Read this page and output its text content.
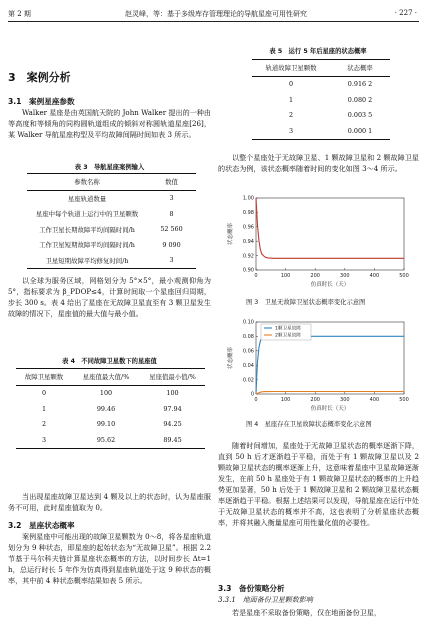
第 2 期	赵灵峰，等：基于多级库存管理理论的导航星座可用性研究	· 227 ·
3　案例分析
3.1　案例星座参数
Walker 星座是由英国航天院的 John Walker 提出的一种由等高度和等倾角的同构圆轨道组成的倾斜对称圆轨道星座[26]，某 Walker 导航星座构型及平均故障间隔时间如表 3 所示。
表 3　导航星座案例输入
参数名称	数值
星座轨道数量	3
星座中每个轨道上运行中的卫星颗数	8
工作卫星长期故障平均间隔时间/h	52 560
工作卫星短期故障平均间隔时间/h	9 090
卫星短期故障平均修复时间/h	3
以全球为服务区域，网格划分为 5°×5°，最小观测仰角为 5°，指标要求为 β_PDOP≤4，计算时间取一个星座回归周期，步长 300 s。表 4 给出了星座在无故障卫星直至有 3 颗卫星发生故障的情况下，星座值的最大值与最小值。
表 4　不同故障卫星数下的星座值
故障卫星颗数	星座值最大值/%	星座值最小值/%
0	100	100
1	99.46	97.94
2	99.10	94.25
3	95.62	89.45
当出现星座故障卫星达到 4 颗及以上的状态时，认为星座服务不可用，此时星座值取为 0。
3.2　星座状态概率
案例星座中可能出现的故障卫星颗数为 0～8，将各星座轨道划分为 9 种状态，即星座的起始状态为“无故障卫星”。根据 2.2 节基于马尔科夫链计算星座状态概率的方法，以时间步长 Δt=1 h，总运行时长 5 年作为仿真得到星座轨道处于这 9 种状态的概率，其中前 4 种状态概率结果如表 5 所示。
表 5　运行 5 年后星座的状态概率
轨道故障卫星颗数	状态概率
0	0.916 2
1	0.080 2
2	0.003 5
3	0.000 1
以整个星座处于无故障卫星、1 颗故障卫星和 2 颗故障卫星的状态为例，该状态概率随着时间的变化如图 3～4 所示。
0	100	200	300	400	500
0.90
0.92
0.94
0.96
0.98
1.00
仿真时长（天）
状态概率
图 3　卫星无故障卫星状态概率变化示意图
0	100	200	300	400	500
0
0.02
0.04
0.06
0.08
0.10
仿真时长（天）
状态概率
1颗卫星故障
2颗卫星故障
图 4　星座存在卫星故障状态概率变化示意图
随着时间增加，星座处于无故障卫星状态的概率逐渐下降，直到 50 h 后才逐渐趋于平稳，而处于有 1 颗故障卫星以及 2 颗故障卫星状态的概率逐渐上升，这意味着星座中卫星故障逐渐发生，在前 50 h 星座处于有 1 颗故障卫星状态的概率的上升趋势更加显著，50 h 后处于 1 颗故障卫星和 2 颗故障卫星状态概率逐渐趋于平稳。根据上述结果可以发现，导航星座在运行中处于无故障卫星状态的概率并不高，这也表明了分析星座状态概率，并将其融入衡量星座可用性量化值的必要性。
3.3　备份策略分析
3.3.1　地面备份卫星颗数影响
若是星座不采取备份策略，仅在地面备份卫星，
